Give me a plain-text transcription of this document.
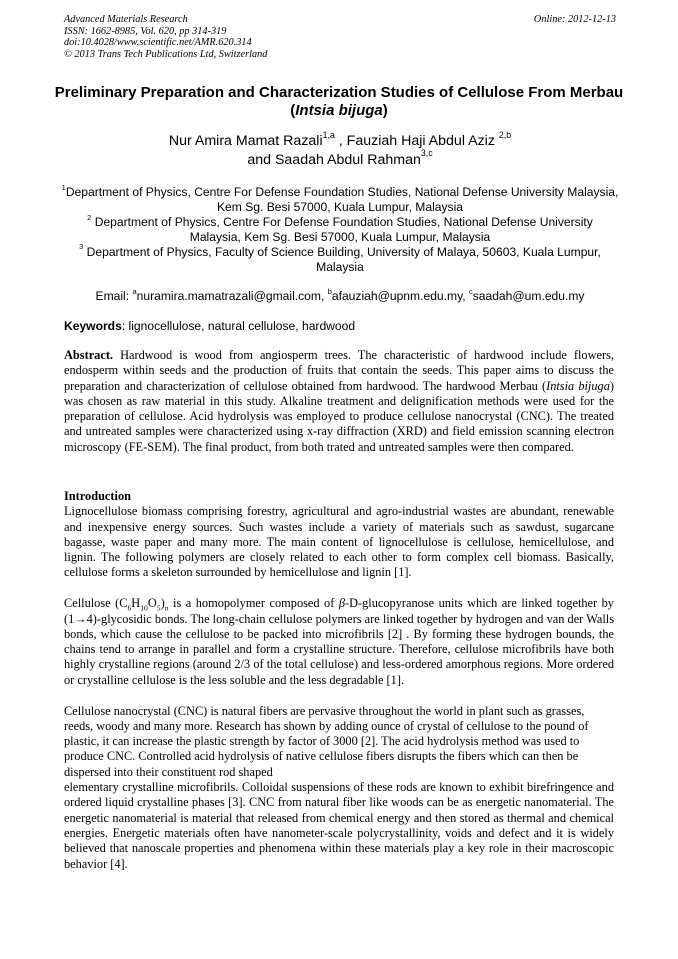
Advanced Materials Research	Online: 2012-12-13
ISSN: 1662-8985, Vol. 620, pp 314-319
doi:10.4028/www.scientific.net/AMR.620.314
© 2013 Trans Tech Publications Ltd, Switzerland
Preliminary Preparation and Characterization Studies of Cellulose From Merbau (Intsia bijuga)
Nur Amira Mamat Razali$^{1,a}$ , Fauziah Haji Abdul Aziz $^{2,b}$
and Saadah Abdul Rahman$^{3,c}$
$^1$Department of Physics, Centre For Defense Foundation Studies, National Defense University Malaysia, Kem Sg. Besi 57000, Kuala Lumpur, Malaysia
$^2$ Department of Physics, Centre For Defense Foundation Studies, National Defense University Malaysia, Kem Sg. Besi 57000, Kuala Lumpur, Malaysia
$^3$ Department of Physics, Faculty of Science Building, University of Malaya, 50603, Kuala Lumpur, Malaysia
Email: $^a$nuramira.mamatrazali@gmail.com, $^b$afauziah@upnm.edu.my, $^c$saadah@um.edu.my
Keywords: lignocellulose, natural cellulose, hardwood

Abstract. Hardwood is wood from angiosperm trees. The characteristic of hardwood include flowers, endosperm within seeds and the production of fruits that contain the seeds. This paper aims to discuss the preparation and characterization of cellulose obtained from hardwood. The hardwood Merbau (Intsia bijuga) was chosen as raw material in this study. Alkaline treatment and delignification methods were used for the preparation of cellulose. Acid hydrolysis was employed to produce cellulose nanocrystal (CNC). The treated and untreated samples were characterized using x-ray diffraction (XRD) and field emission scanning electron microscopy (FE-SEM). The final product, from both trated and untreated samples were then compared.

Introduction

Lignocellulose biomass comprising forestry, agricultural and agro-industrial wastes are abundant, renewable and inexpensive energy sources. Such wastes include a variety of materials such as sawdust, sugarcane bagasse, waste paper and many more. The main content of lignocellulose is cellulose, hemicellulose, and lignin. The following polymers are closely related to each other to form complex cell biomass. Basically, cellulose forms a skeleton surrounded by hemicellulose and lignin [1].

Cellulose $(C_6H_{10}O_5)_n$ is a homopolymer composed of β-D-glucopyranose units which are linked together by (1→4)-glycosidic bonds. The long-chain cellulose polymers are linked together by hydrogen and van der Walls bonds, which cause the cellulose to be packed into microfibrils [2] . By forming these hydrogen bounds, the chains tend to arrange in parallel and form a crystalline structure. Therefore, cellulose microfibrils have both highly crystalline regions (around 2/3 of the total cellulose) and less-ordered amorphous regions. More ordered or crystalline cellulose is the less soluble and the less degradable [1].

Cellulose nanocrystal (CNC) is natural fibers are pervasive throughout the world in plant such as grasses, reeds, woody and many more. Research has shown by adding ounce of crystal of cellulose to the pound of plastic, it can increase the plastic strength by factor of 3000 [2]. The acid hydrolysis method was used to produce CNC. Controlled acid hydrolysis of native cellulose fibers disrupts the fibers which can then be dispersed into their constituent rod shaped

elementary crystalline microfibrils. Colloidal suspensions of these rods are known to exhibit birefringence and ordered liquid crystalline phases [3]. CNC from natural fiber like woods can be as energetic nanomaterial. The energetic nanomaterial is material that released from chemical energy and then stored as thermal and chemical energies. Energetic materials often have nanometer-scale polycrystallinity, voids and defect and it is widely believed that nanoscale properties and phenomena within these materials play a key role in their macroscopic behavior [4].
